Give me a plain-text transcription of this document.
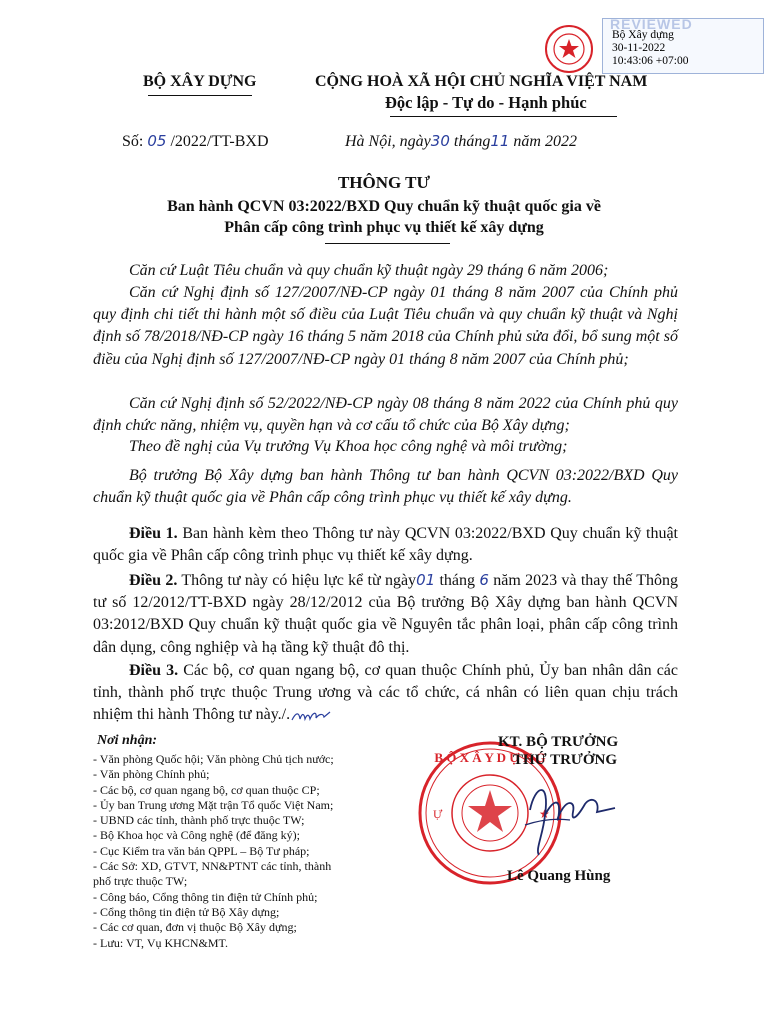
REVIEWED
Bộ Xây dựng
30-11-2022
10:43:06 +07:00
BỘ XÂY DỰNG	CỘNG HOÀ XÃ HỘI CHỦ NGHĨA VIỆT NAM
Độc lập - Tự do - Hạnh phúc
Số: 05 /2022/TT-BXD	Hà Nội, ngày30 tháng11 năm 2022
THÔNG TƯ
Ban hành QCVN 03:2022/BXD Quy chuẩn kỹ thuật quốc gia về
Phân cấp công trình phục vụ thiết kế xây dựng
Căn cứ Luật Tiêu chuẩn và quy chuẩn kỹ thuật ngày 29 tháng 6 năm 2006;
Căn cứ Nghị định số 127/2007/NĐ-CP ngày 01 tháng 8 năm 2007 của Chính phủ quy định chi tiết thi hành một số điều của Luật Tiêu chuẩn và quy chuẩn kỹ thuật và Nghị định số 78/2018/NĐ-CP ngày 16 tháng 5 năm 2018 của Chính phủ sửa đổi, bổ sung một số điều của Nghị định số 127/2007/NĐ-CP ngày 01 tháng 8 năm 2007 của Chính phủ;
Căn cứ Nghị định số 52/2022/NĐ-CP ngày 08 tháng 8 năm 2022 của Chính phủ quy định chức năng, nhiệm vụ, quyền hạn và cơ cấu tổ chức của Bộ Xây dựng;
Theo đề nghị của Vụ trưởng Vụ Khoa học công nghệ và môi trường;
Bộ trưởng Bộ Xây dựng ban hành Thông tư ban hành QCVN 03:2022/BXD Quy chuẩn kỹ thuật quốc gia về Phân cấp công trình phục vụ thiết kế xây dựng.
Điều 1. Ban hành kèm theo Thông tư này QCVN 03:2022/BXD Quy chuẩn kỹ thuật quốc gia về Phân cấp công trình phục vụ thiết kế xây dựng.
Điều 2. Thông tư này có hiệu lực kể từ ngày01 tháng 6 năm 2023 và thay thế Thông tư số 12/2012/TT-BXD ngày 28/12/2012 của Bộ trưởng Bộ Xây dựng ban hành QCVN 03:2012/BXD Quy chuẩn kỹ thuật quốc gia về Nguyên tắc phân loại, phân cấp công trình dân dụng, công nghiệp và hạ tầng kỹ thuật đô thị.
Điều 3. Các bộ, cơ quan ngang bộ, cơ quan thuộc Chính phủ, Ủy ban nhân dân các tỉnh, thành phố trực thuộc Trung ương và các tổ chức, cá nhân có liên quan chịu trách nhiệm thi hành Thông tư này./.
Nơi nhận:
- Văn phòng Quốc hội; Văn phòng Chủ tịch nước;
- Văn phòng Chính phủ;
- Các bộ, cơ quan ngang bộ, cơ quan thuộc CP;
- Ủy ban Trung ương Mặt trận Tổ quốc Việt Nam;
- UBND các tỉnh, thành phố trực thuộc TW;
- Bộ Khoa học và Công nghệ (để đăng ký);
- Cục Kiểm tra văn bản QPPL – Bộ Tư pháp;
- Các Sở: XD, GTVT, NN&PTNT các tỉnh, thành
phố trực thuộc TW;
- Công báo, Cổng thông tin điện tử Chính phủ;
- Cổng thông tin điện tử Bộ Xây dựng;
- Các cơ quan, đơn vị thuộc Bộ Xây dựng;
- Lưu: VT, Vụ KHCN&MT.
B Ộ X Â Y D Ự N G
Ự	★
KT. BỘ TRƯỞNG
THỨ TRƯỞNG
Lê Quang Hùng
